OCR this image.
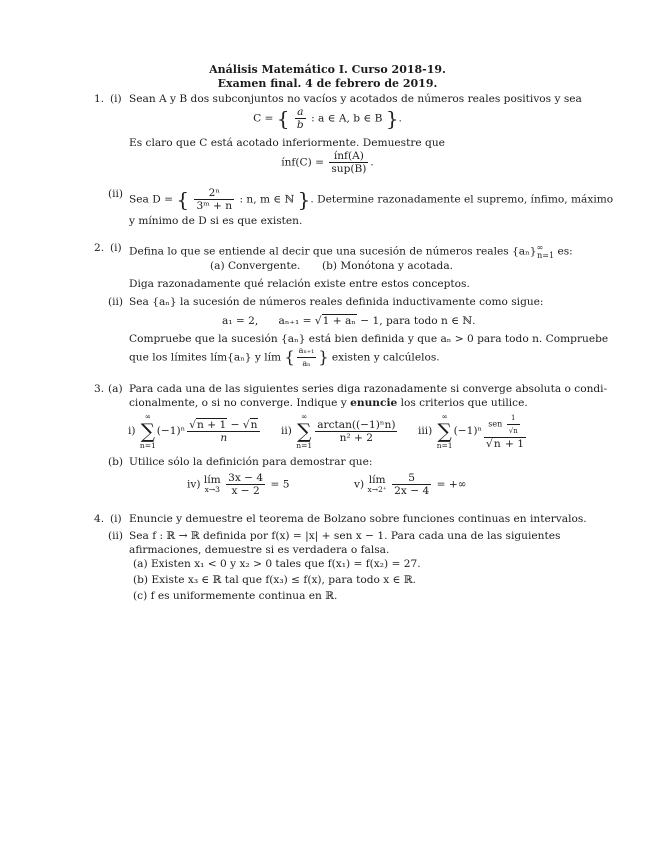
Análisis Matemático I. Curso 2018-19.
Examen final. 4 de febrero de 2019.
1. (i) Sean A y B dos subconjuntos no vacíos y acotados de números reales positivos y sea
C = { $\frac{a}{b}$ : a ∈ A, b ∈ B }.
Es claro que C está acotado inferiormente. Demuestre que
ínf(C) = $\frac{\text{ínf(A)}}{\text{sup(B)}}$ .
(ii) Sea D = { $\frac{\text{2ⁿ}}{\text{3ᵐ + n}}$ : n, m ∈ ℕ }. Determine razonadamente el supremo, ínfimo, máximo
y mínimo de D si es que existen.
2. (i) Defina lo que se entiende al decir que una sucesión de números reales $\{a_n\}^\infty_{n=1}$ es:
(a) Convergente. (b) Monótona y acotada.
Diga razonadamente qué relación existe entre estos conceptos.
(ii) Sea {aₙ} la sucesión de números reales definida inductivamente como sigue:
a₁ = 2, aₙ₊₁ = √1 + aₙ − 1, para todo n ∈ ℕ.
Compruebe que la sucesión {aₙ} está bien definida y que aₙ > 0 para todo n. Compruebe
que los límites lím{aₙ} y lím { $\frac{\text{aₙ₊₁}}{\text{aₙ}}$ } existen y calcúlelos.
3. (a) Para cada una de las siguientes series diga razonadamente si converge absoluta o condi-
cionalmente, o si no converge. Indique y enuncie los criterios que utilice.
i)
∞
∑
n=1
$(-1)^n \frac{√n + 1 - √n}{n} ii$)
∞
∑
n=1
$\frac{\text{arctan((−1)ⁿn)}}{\text{n² + 2}} iii$)
∞
∑
n=1
$(-1)^n \frac{sen \frac{1}{√n}}{√n + 1}$
(b) Utilice sólo la definición para demostrar que:
iv) lím
x→3
$\frac{3x - 4}{x - 2} = 5$	v) lím
x→2⁺
$\frac{5}{2x - 4}$ = +∞
4. (i) Enuncie y demuestre el teorema de Bolzano sobre funciones continuas en intervalos.
(ii) Sea f : ℝ → ℝ definida por f(x) = |x| + sen x − 1. Para cada una de las siguientes
afirmaciones, demuestre si es verdadera o falsa.
(a) Existen x₁ < 0 y x₂ > 0 tales que f(x₁) = f(x₂) = 27.
(b) Existe x₃ ∈ ℝ tal que f(x₃) ≤ f(x), para todo x ∈ ℝ.
(c) f es uniformemente continua en ℝ.
